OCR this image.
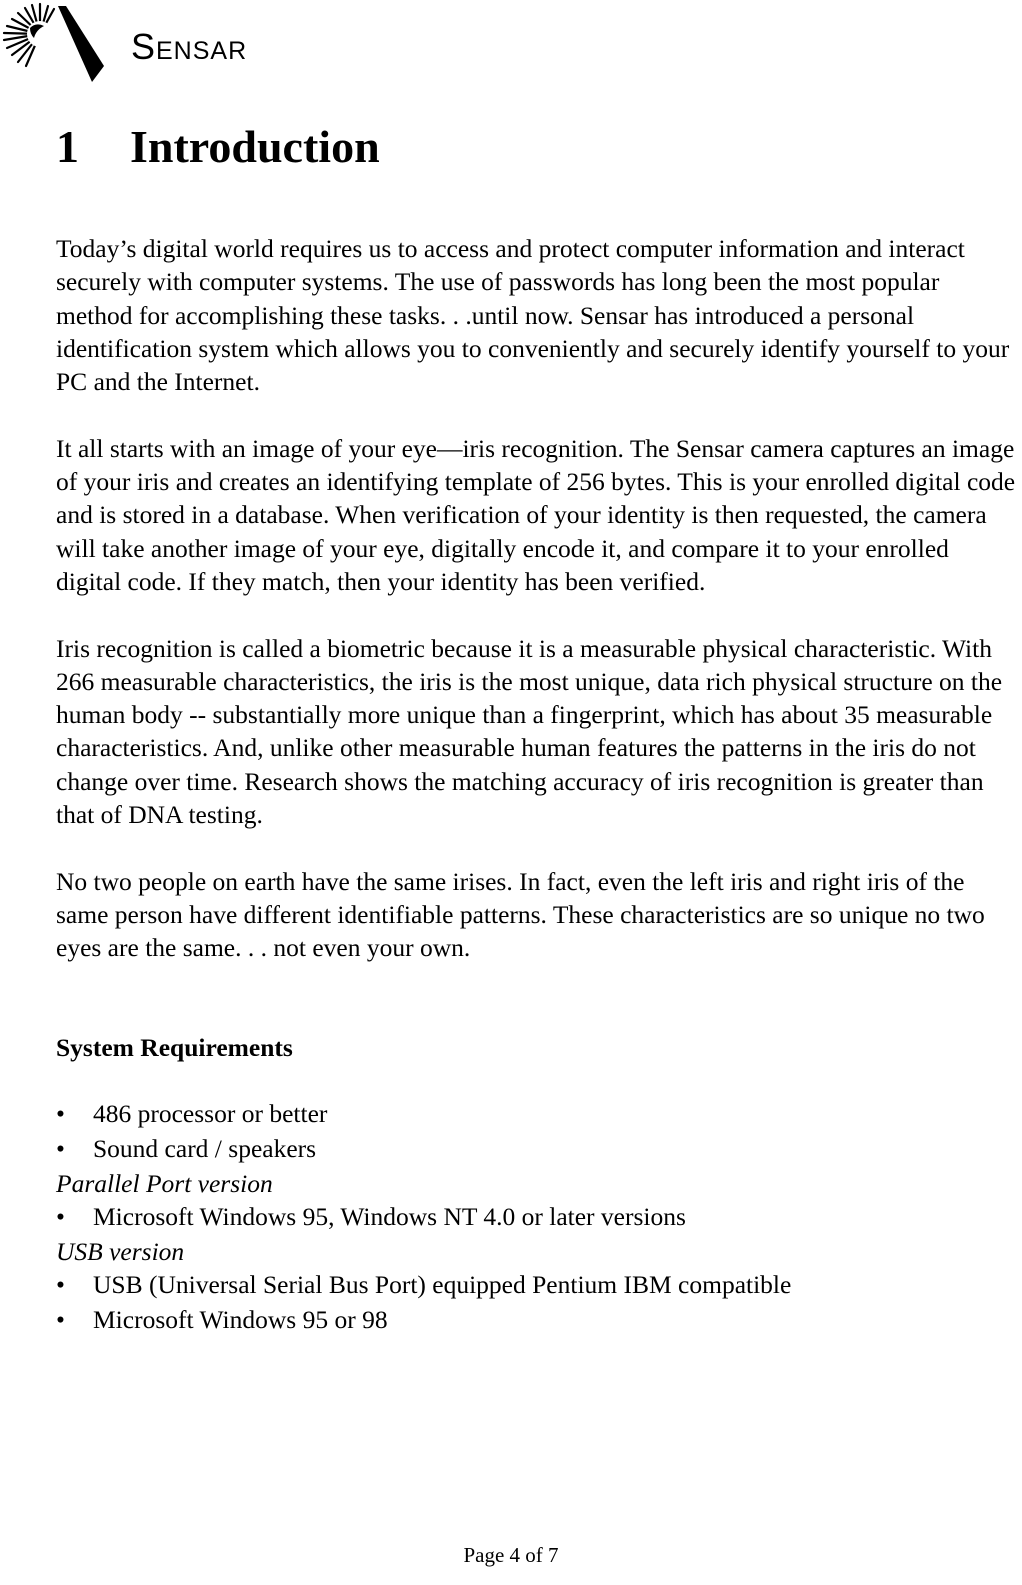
Sensar
1 Introduction

Today’s digital world requires us to access and protect computer information and interact securely with computer systems. The use of passwords has long been the most popular method for accomplishing these tasks. . .until now. Sensar has introduced a personal identification system which allows you to conveniently and securely identify yourself to your PC and the Internet.

It all starts with an image of your eye—iris recognition. The Sensar camera captures an image of your iris and creates an identifying template of 256 bytes. This is your enrolled digital code and is stored in a database. When verification of your identity is then requested, the camera will take another image of your eye, digitally encode it, and compare it to your enrolled digital code. If they match, then your identity has been verified.

Iris recognition is called a biometric because it is a measurable physical characteristic. With 266 measurable characteristics, the iris is the most unique, data rich physical structure on the human body -- substantially more unique than a fingerprint, which has about 35 measurable characteristics. And, unlike other measurable human features the patterns in the iris do not change over time. Research shows the matching accuracy of iris recognition is greater than that of DNA testing.

No two people on earth have the same irises. In fact, even the left iris and right iris of the same person have different identifiable patterns. These characteristics are so unique no two eyes are the same. . . not even your own.

System Requirements
• 486 processor or better
• Sound card / speakers
Parallel Port version
• Microsoft Windows 95, Windows NT 4.0 or later versions
USB version
• USB (Universal Serial Bus Port) equipped Pentium IBM compatible
• Microsoft Windows 95 or 98
Page 4 of 7
